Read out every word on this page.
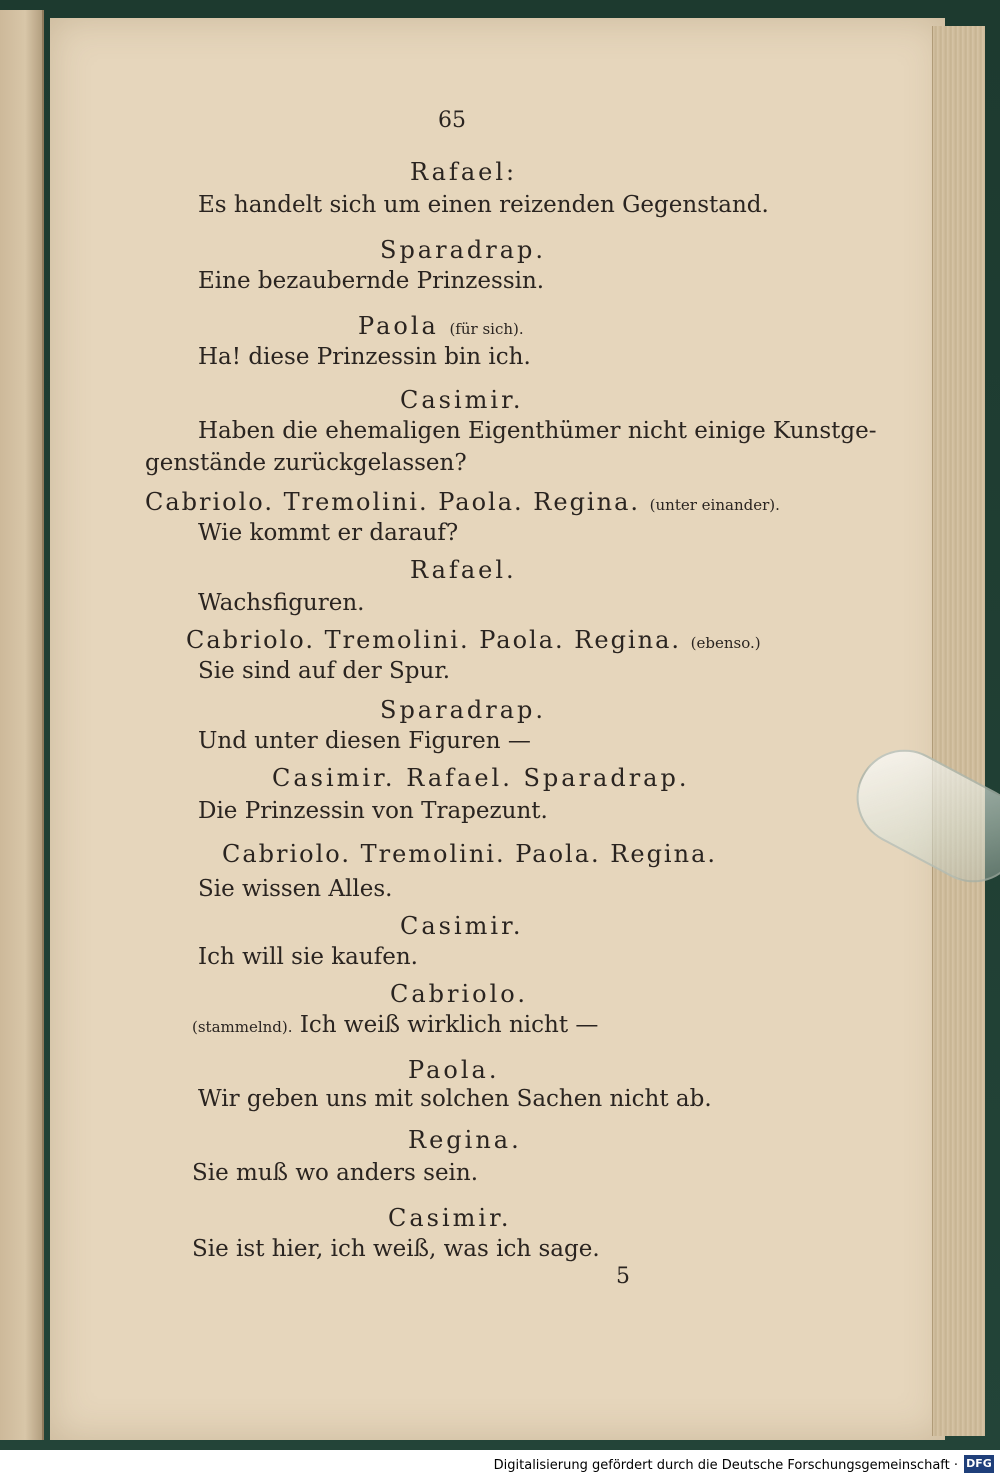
65
Rafael:
Es handelt sich um einen reizenden Gegenstand.
Sparadrap.
Eine bezaubernde Prinzessin.
Paola (für sich).
Ha! diese Prinzessin bin ich.
Casimir.
Haben die ehemaligen Eigenthümer nicht einige Kunstge-
genstände zurückgelassen?
Cabriolo. Tremolini. Paola. Regina. (unter einander).
Wie kommt er darauf?
Rafael.
Wachsfiguren.
Cabriolo. Tremolini. Paola. Regina. (ebenso.)
Sie sind auf der Spur.
Sparadrap.
Und unter diesen Figuren —
Casimir. Rafael. Sparadrap.
Die Prinzessin von Trapezunt.
Cabriolo. Tremolini. Paola. Regina.
Sie wissen Alles.
Casimir.
Ich will sie kaufen.
Cabriolo.
(stammelnd). Ich weiß wirklich nicht —
Paola.
Wir geben uns mit solchen Sachen nicht ab.
Regina.
Sie muß wo anders sein.
Casimir.
Sie ist hier, ich weiß, was ich sage.
5
Digitalisierung gefördert durch die Deutsche Forschungsgemeinschaft · DFG
